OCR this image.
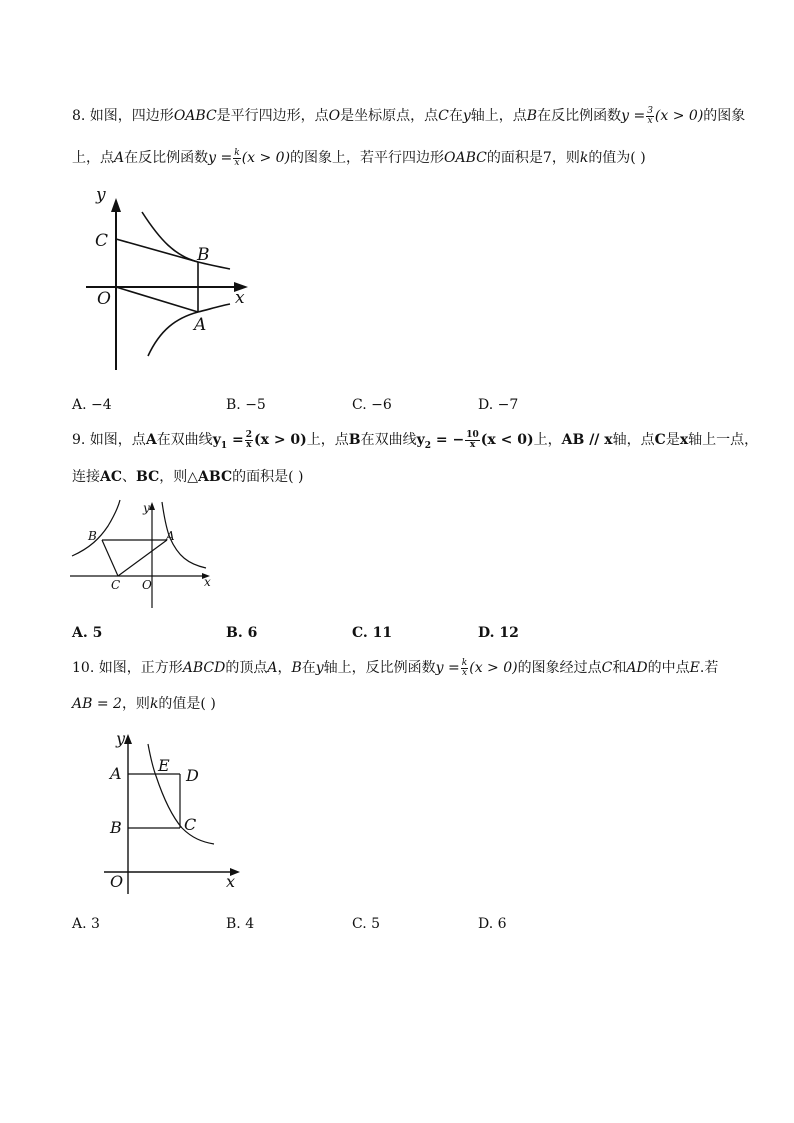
8. 如图，四边形OABC是平行四边形，点O是坐标原点，点C在y轴上，点B在反比例函数$y = \frac{3}{x} (x > 0)$的图象
上，点A在反比例函数$y = \frac{k}{x} (x > 0)$的图象上，若平行四边形OABC的面积是7，则k的值为( )
y
x
C
O
B
A
A. −4	B. −5	C. −6	D. −7
9. 如图，点A在双曲线$y_1 = \frac{2}{x} (x > 0)$上，点B在双曲线$y_2$ = − $\frac{10}{x} (x < 0)$上，AB // x轴，点C是x轴上一点，
连接AC、BC，则△ABC的面积是( )
y
x
B	A
C O
A. 5	B. 6	C. 11	D. 12
10. 如图，正方形ABCD的顶点A，B在y轴上，反比例函数$y = \frac{k}{x} (x > 0)$的图象经过点C和AD的中点E.若
AB = 2，则k的值是( )
y
x
A E
D
B	C
O
A. 3	B. 4	C. 5	D. 6
